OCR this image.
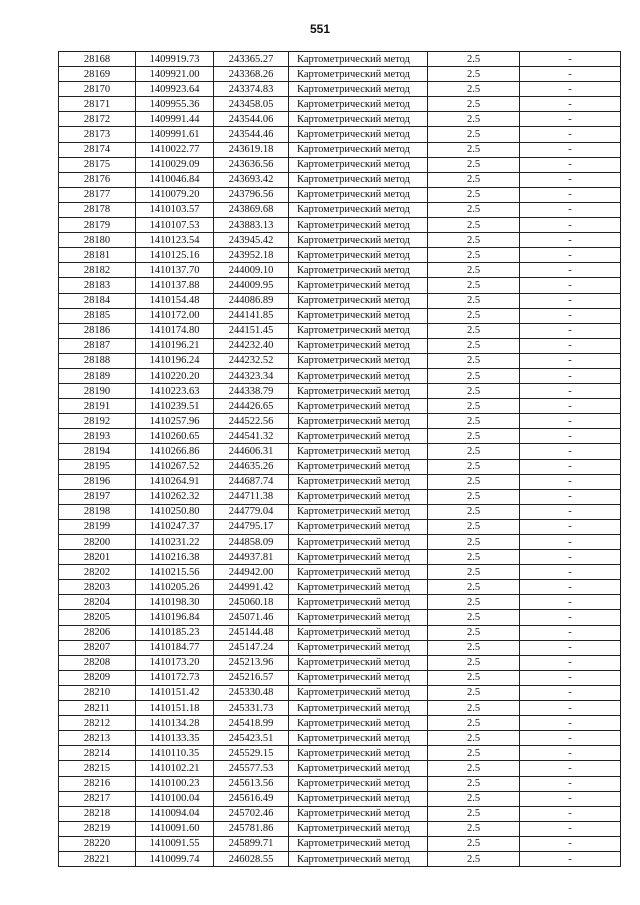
551
28168	1409919.73	243365.27	Картометрический метод	2.5	-
28169	1409921.00	243368.26	Картометрический метод	2.5	-
28170	1409923.64	243374.83	Картометрический метод	2.5	-
28171	1409955.36	243458.05	Картометрический метод	2.5	-
28172	1409991.44	243544.06	Картометрический метод	2.5	-
28173	1409991.61	243544.46	Картометрический метод	2.5	-
28174	1410022.77	243619.18	Картометрический метод	2.5	-
28175	1410029.09	243636.56	Картометрический метод	2.5	-
28176	1410046.84	243693.42	Картометрический метод	2.5	-
28177	1410079.20	243796.56	Картометрический метод	2.5	-
28178	1410103.57	243869.68	Картометрический метод	2.5	-
28179	1410107.53	243883.13	Картометрический метод	2.5	-
28180	1410123.54	243945.42	Картометрический метод	2.5	-
28181	1410125.16	243952.18	Картометрический метод	2.5	-
28182	1410137.70	244009.10	Картометрический метод	2.5	-
28183	1410137.88	244009.95	Картометрический метод	2.5	-
28184	1410154.48	244086.89	Картометрический метод	2.5	-
28185	1410172.00	244141.85	Картометрический метод	2.5	-
28186	1410174.80	244151.45	Картометрический метод	2.5	-
28187	1410196.21	244232.40	Картометрический метод	2.5	-
28188	1410196.24	244232.52	Картометрический метод	2.5	-
28189	1410220.20	244323.34	Картометрический метод	2.5	-
28190	1410223.63	244338.79	Картометрический метод	2.5	-
28191	1410239.51	244426.65	Картометрический метод	2.5	-
28192	1410257.96	244522.56	Картометрический метод	2.5	-
28193	1410260.65	244541.32	Картометрический метод	2.5	-
28194	1410266.86	244606.31	Картометрический метод	2.5	-
28195	1410267.52	244635.26	Картометрический метод	2.5	-
28196	1410264.91	244687.74	Картометрический метод	2.5	-
28197	1410262.32	244711.38	Картометрический метод	2.5	-
28198	1410250.80	244779.04	Картометрический метод	2.5	-
28199	1410247.37	244795.17	Картометрический метод	2.5	-
28200	1410231.22	244858.09	Картометрический метод	2.5	-
28201	1410216.38	244937.81	Картометрический метод	2.5	-
28202	1410215.56	244942.00	Картометрический метод	2.5	-
28203	1410205.26	244991.42	Картометрический метод	2.5	-
28204	1410198.30	245060.18	Картометрический метод	2.5	-
28205	1410196.84	245071.46	Картометрический метод	2.5	-
28206	1410185.23	245144.48	Картометрический метод	2.5	-
28207	1410184.77	245147.24	Картометрический метод	2.5	-
28208	1410173.20	245213.96	Картометрический метод	2.5	-
28209	1410172.73	245216.57	Картометрический метод	2.5	-
28210	1410151.42	245330.48	Картометрический метод	2.5	-
28211	1410151.18	245331.73	Картометрический метод	2.5	-
28212	1410134.28	245418.99	Картометрический метод	2.5	-
28213	1410133.35	245423.51	Картометрический метод	2.5	-
28214	1410110.35	245529.15	Картометрический метод	2.5	-
28215	1410102.21	245577.53	Картометрический метод	2.5	-
28216	1410100.23	245613.56	Картометрический метод	2.5	-
28217	1410100.04	245616.49	Картометрический метод	2.5	-
28218	1410094.04	245702.46	Картометрический метод	2.5	-
28219	1410091.60	245781.86	Картометрический метод	2.5	-
28220	1410091.55	245899.71	Картометрический метод	2.5	-
28221	1410099.74	246028.55	Картометрический метод	2.5	-
